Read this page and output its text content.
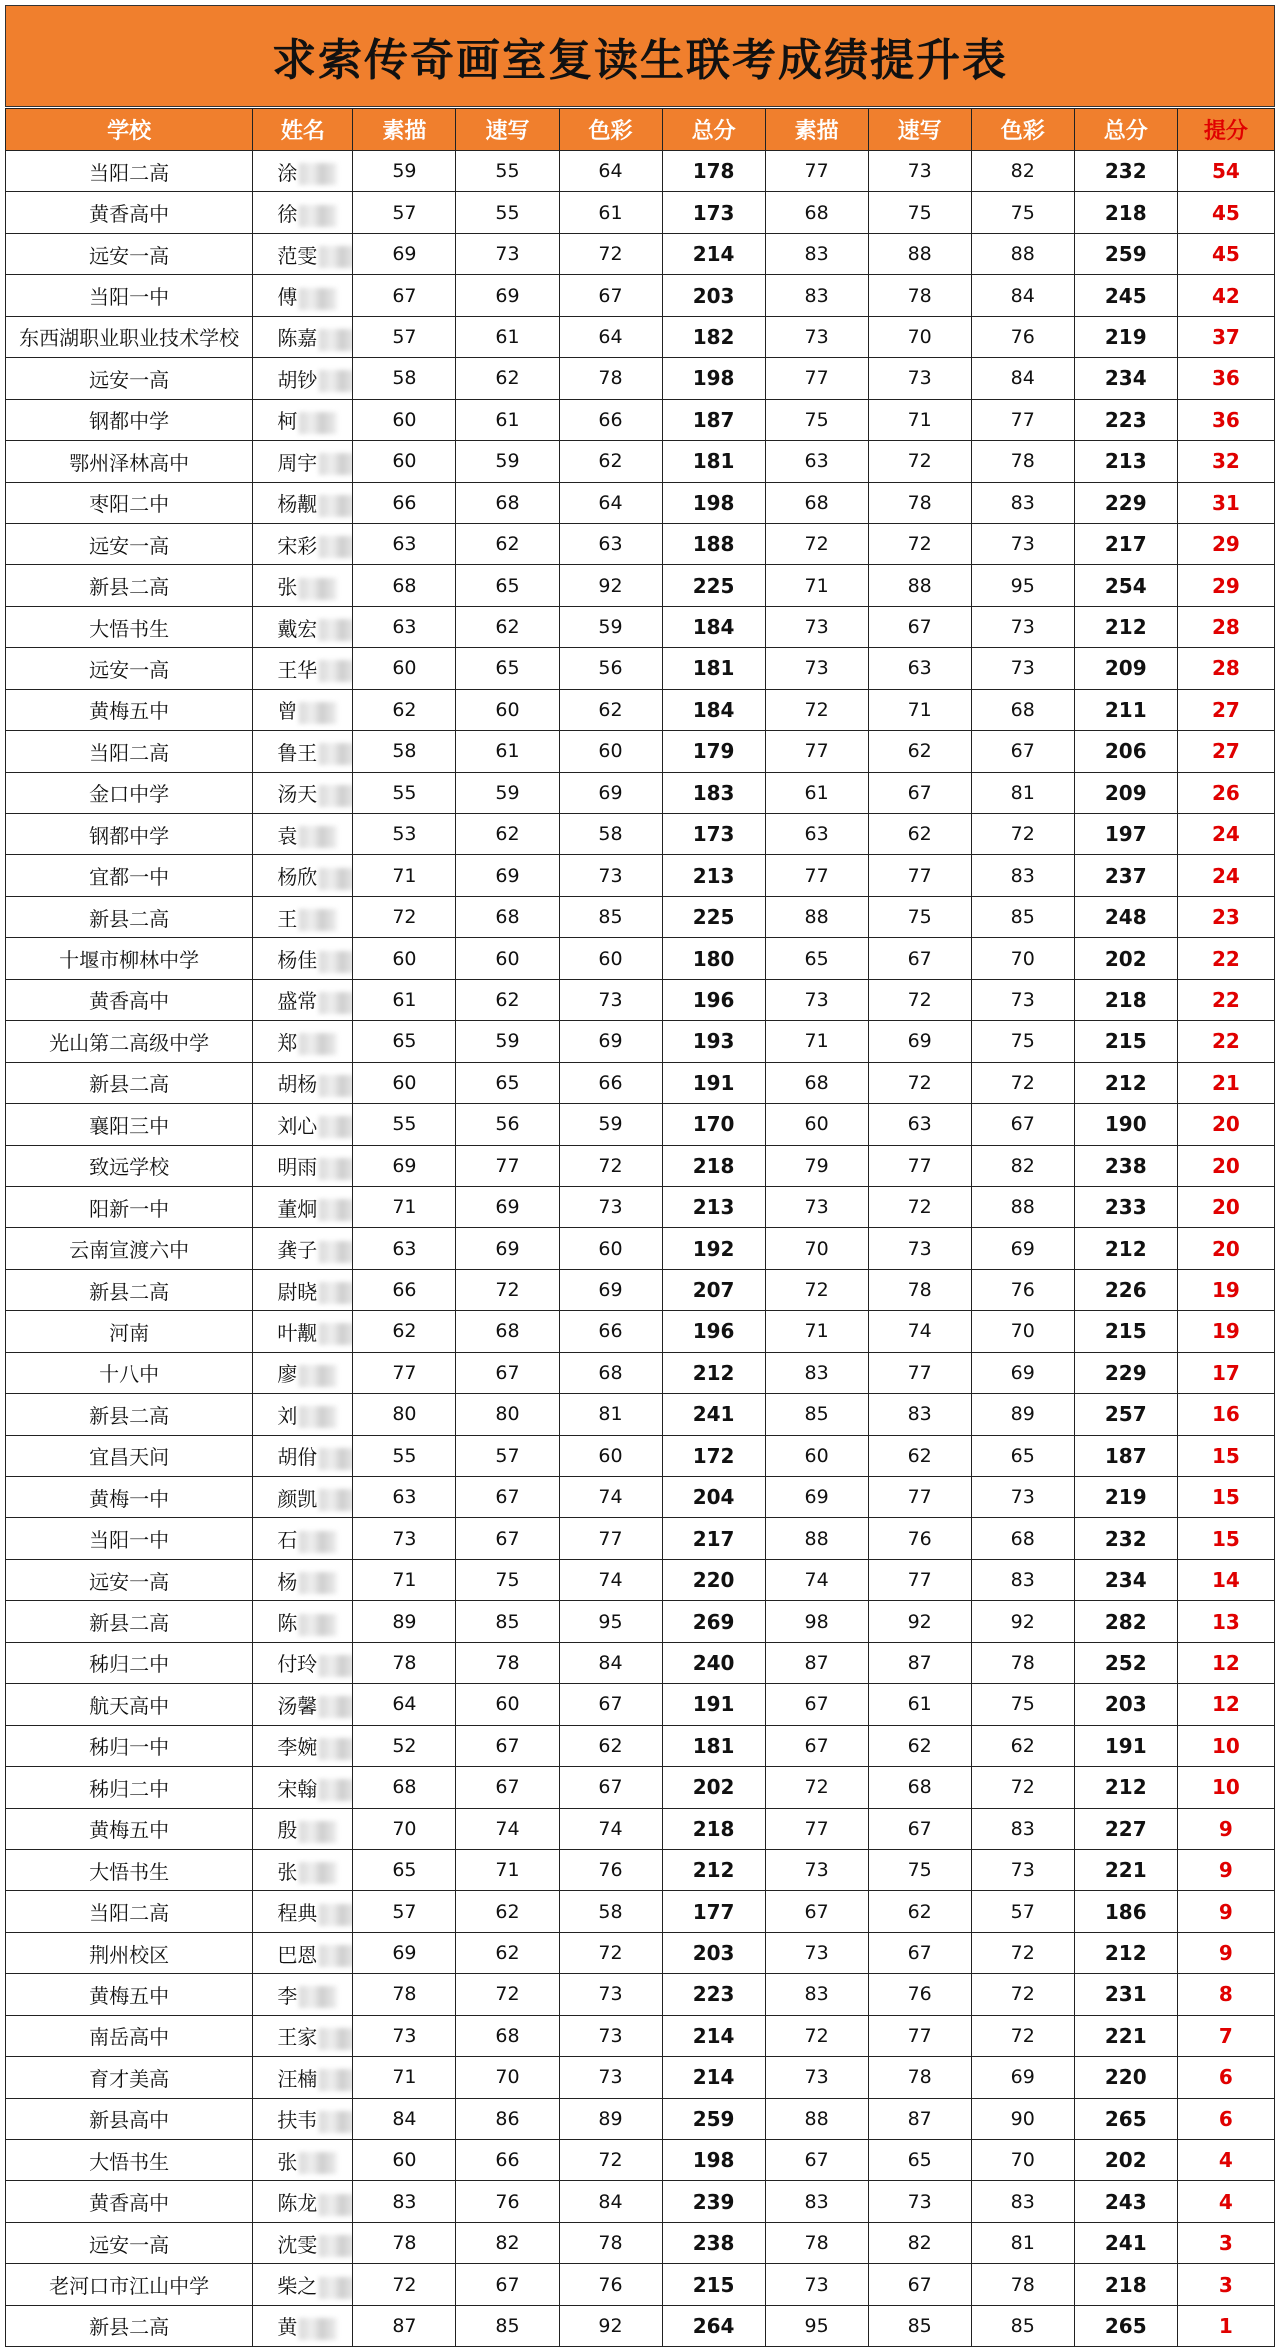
求索传奇画室复读生联考成绩提升表
学校	姓名	素描	速写	色彩	总分	素描	速写	色彩	总分	提分
当阳二高	涂	59	55	64	178	77	73	82	232	54
黄香高中	徐	57	55	61	173	68	75	75	218	45
远安一高	范雯	69	73	72	214	83	88	88	259	45
当阳一中	傅	67	69	67	203	83	78	84	245	42
东西湖职业职业技术学校	陈嘉	57	61	64	182	73	70	76	219	37
远安一高	胡钞	58	62	78	198	77	73	84	234	36
钢都中学	柯	60	61	66	187	75	71	77	223	36
鄂州泽林高中	周宇	60	59	62	181	63	72	78	213	32
枣阳二中	杨觏	66	68	64	198	68	78	83	229	31
远安一高	宋彩	63	62	63	188	72	72	73	217	29
新县二高	张	68	65	92	225	71	88	95	254	29
大悟书生	戴宏	63	62	59	184	73	67	73	212	28
远安一高	王华	60	65	56	181	73	63	73	209	28
黄梅五中	曾	62	60	62	184	72	71	68	211	27
当阳二高	鲁王	58	61	60	179	77	62	67	206	27
金口中学	汤天	55	59	69	183	61	67	81	209	26
钢都中学	袁	53	62	58	173	63	62	72	197	24
宜都一中	杨欣	71	69	73	213	77	77	83	237	24
新县二高	王	72	68	85	225	88	75	85	248	23
十堰市柳林中学	杨佳	60	60	60	180	65	67	70	202	22
黄香高中	盛常	61	62	73	196	73	72	73	218	22
光山第二高级中学	郑	65	59	69	193	71	69	75	215	22
新县二高	胡杨	60	65	66	191	68	72	72	212	21
襄阳三中	刘心	55	56	59	170	60	63	67	190	20
致远学校	明雨	69	77	72	218	79	77	82	238	20
阳新一中	董炯	71	69	73	213	73	72	88	233	20
云南宣渡六中	龚子	63	69	60	192	70	73	69	212	20
新县二高	尉晓	66	72	69	207	72	78	76	226	19
河南	叶觏	62	68	66	196	71	74	70	215	19
十八中	廖	77	67	68	212	83	77	69	229	17
新县二高	刘	80	80	81	241	85	83	89	257	16
宜昌天问	胡佾	55	57	60	172	60	62	65	187	15
黄梅一中	颜凯	63	67	74	204	69	77	73	219	15
当阳一中	石	73	67	77	217	88	76	68	232	15
远安一高	杨	71	75	74	220	74	77	83	234	14
新县二高	陈	89	85	95	269	98	92	92	282	13
秭归二中	付玲	78	78	84	240	87	87	78	252	12
航天高中	汤馨	64	60	67	191	67	61	75	203	12
秭归一中	李婉	52	67	62	181	67	62	62	191	10
秭归二中	宋翰	68	67	67	202	72	68	72	212	10
黄梅五中	殷	70	74	74	218	77	67	83	227	9
大悟书生	张	65	71	76	212	73	75	73	221	9
当阳二高	程典	57	62	58	177	67	62	57	186	9
荆州校区	巴恩	69	62	72	203	73	67	72	212	9
黄梅五中	李	78	72	73	223	83	76	72	231	8
南岳高中	王家	73	68	73	214	72	77	72	221	7
育才美高	汪楠	71	70	73	214	73	78	69	220	6
新县高中	扶韦	84	86	89	259	88	87	90	265	6
大悟书生	张	60	66	72	198	67	65	70	202	4
黄香高中	陈龙	83	76	84	239	83	73	83	243	4
远安一高	沈雯	78	82	78	238	78	82	81	241	3
老河口市江山中学	柴之	72	67	76	215	73	67	78	218	3
新县二高	黄	87	85	92	264	95	85	85	265	1
